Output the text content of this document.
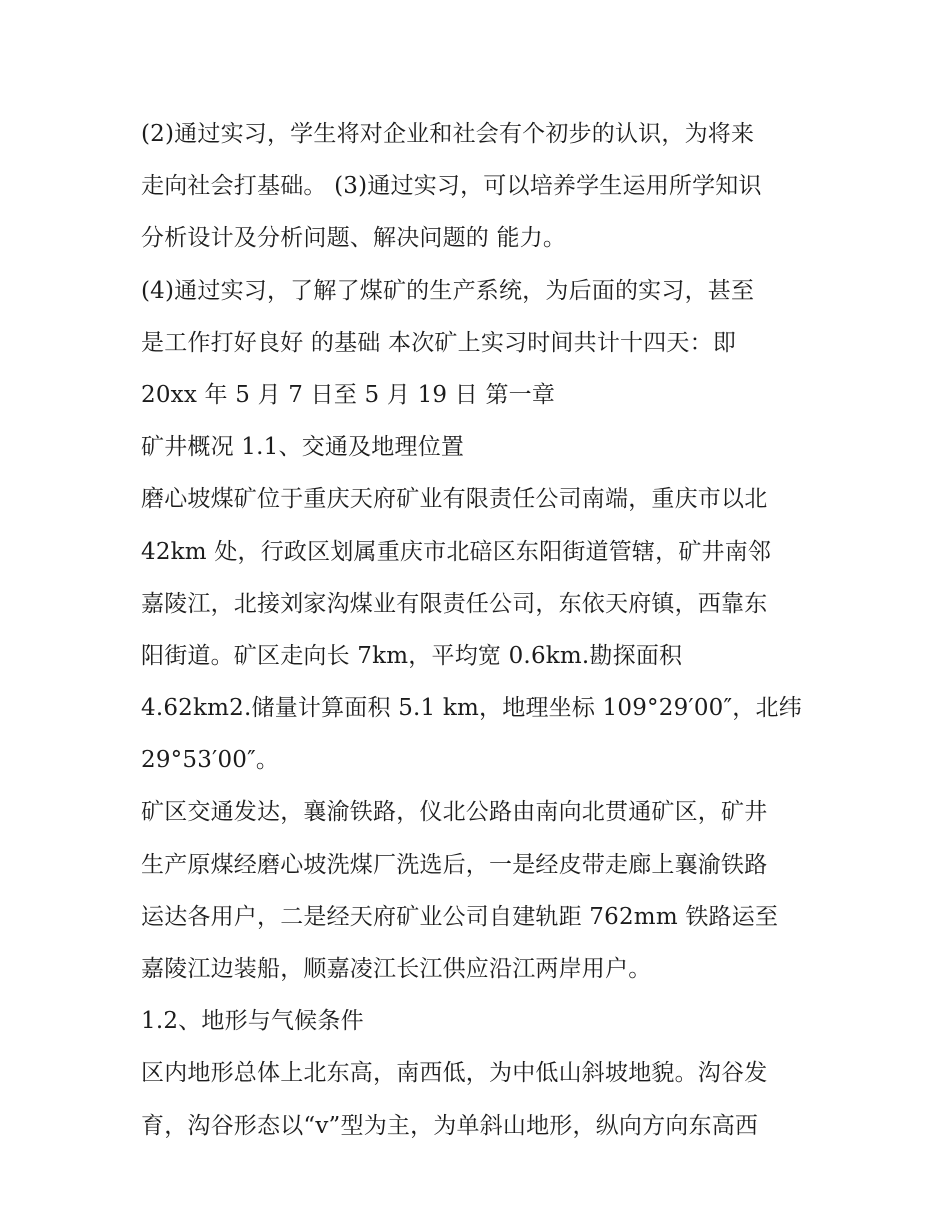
(2)通过实习，学生将对企业和社会有个初步的认识，为将来
走向社会打基础。 (3)通过实习，可以培养学生运用所学知识
分析设计及分析问题、解决问题的 能力。
(4)通过实习，了解了煤矿的生产系统，为后面的实习，甚至
是工作打好良好 的基础 本次矿上实习时间共计十四天：即
20xx 年 5 月 7 日至 5 月 19 日 第一章
矿井概况 1.1、交通及地理位置
磨心坡煤矿位于重庆天府矿业有限责任公司南端，重庆市以北
42km 处，行政区划属重庆市北碚区东阳街道管辖，矿井南邻
嘉陵江，北接刘家沟煤业有限责任公司，东依天府镇，西靠东
阳街道。矿区走向长 7km，平均宽 0.6km.勘探面积
4.62km2.储量计算面积 5.1 km，地理坐标 109°29′00″，北纬
29°53′00″。
矿区交通发达，襄渝铁路，仪北公路由南向北贯通矿区，矿井
生产原煤经磨心坡洗煤厂洗选后，一是经皮带走廊上襄渝铁路
运达各用户，二是经天府矿业公司自建轨距 762mm 铁路运至
嘉陵江边装船，顺嘉凌江长江供应沿江两岸用户。
1.2、地形与气候条件
区内地形总体上北东高，南西低，为中低山斜坡地貌。沟谷发
育，沟谷形态以“v”型为主，为单斜山地形，纵向方向东高西
